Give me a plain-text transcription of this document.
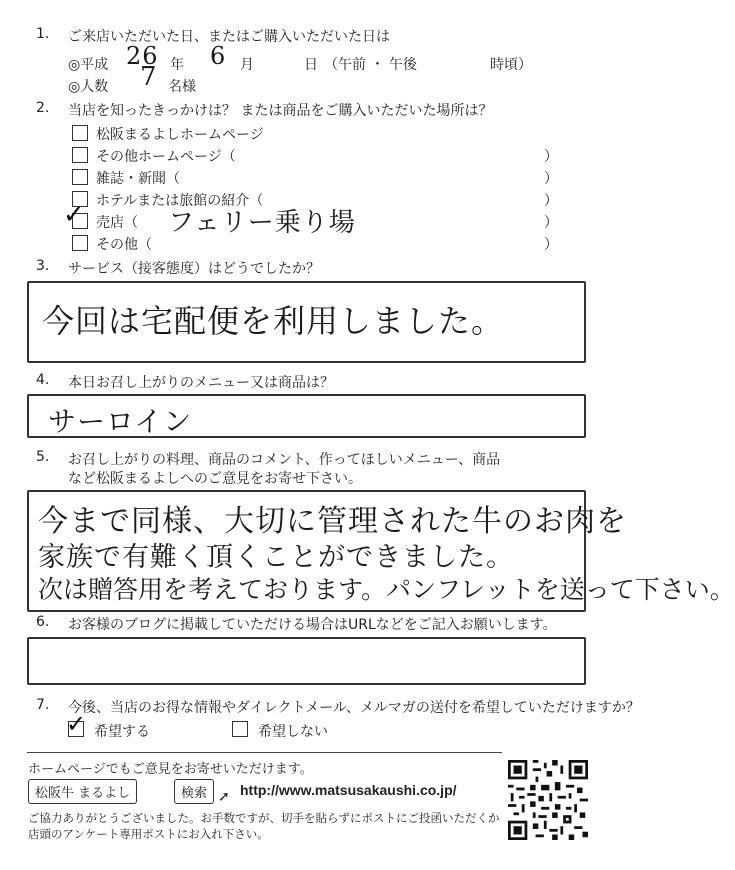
1. ご来店いただいた日、またはご購入いただいた日は
◎平成 26 年 6 月	日 （午前 ・ 午後	時頃）
◎人数 7 名様
2. 当店を知ったきっかけは？ または商品をご購入いただいた場所は？
松阪まるよしホームページ
その他ホームページ（	）
雑誌・新聞（	）
ホテルまたは旅館の紹介（	）
✓ 売店（ フェリー乗り場	）
その他（	）
3. サービス（接客態度）はどうでしたか？
今回は宅配便を利用しました。
4. 本日お召し上がりのメニュー又は商品は？
サーロイン
5. お召し上がりの料理、商品のコメント、作ってほしいメニュー、商品
など松阪まるよしへのご意見をお寄せ下さい。
今まで同様、大切に管理された牛のお肉を
家族で有難く頂くことができました。
次は贈答用を考えております。パンフレットを送って下さい。
6. お客様のブログに掲載していただける場合はURLなどをご記入お願いします。
7. 今後、当店のお得な情報やダイレクトメール、メルマガの送付を希望していただけますか？
✓ 希望する	希望しない
ホームページでもご意見をお寄せいただけます。
松阪牛 まるよし	検索 ➚ http://www.matsusakaushi.co.jp/
ご協力ありがとうございました。お手数ですが、切手を貼らずにポストにご投函いただくか
店頭のアンケート専用ポストにお入れ下さい。
